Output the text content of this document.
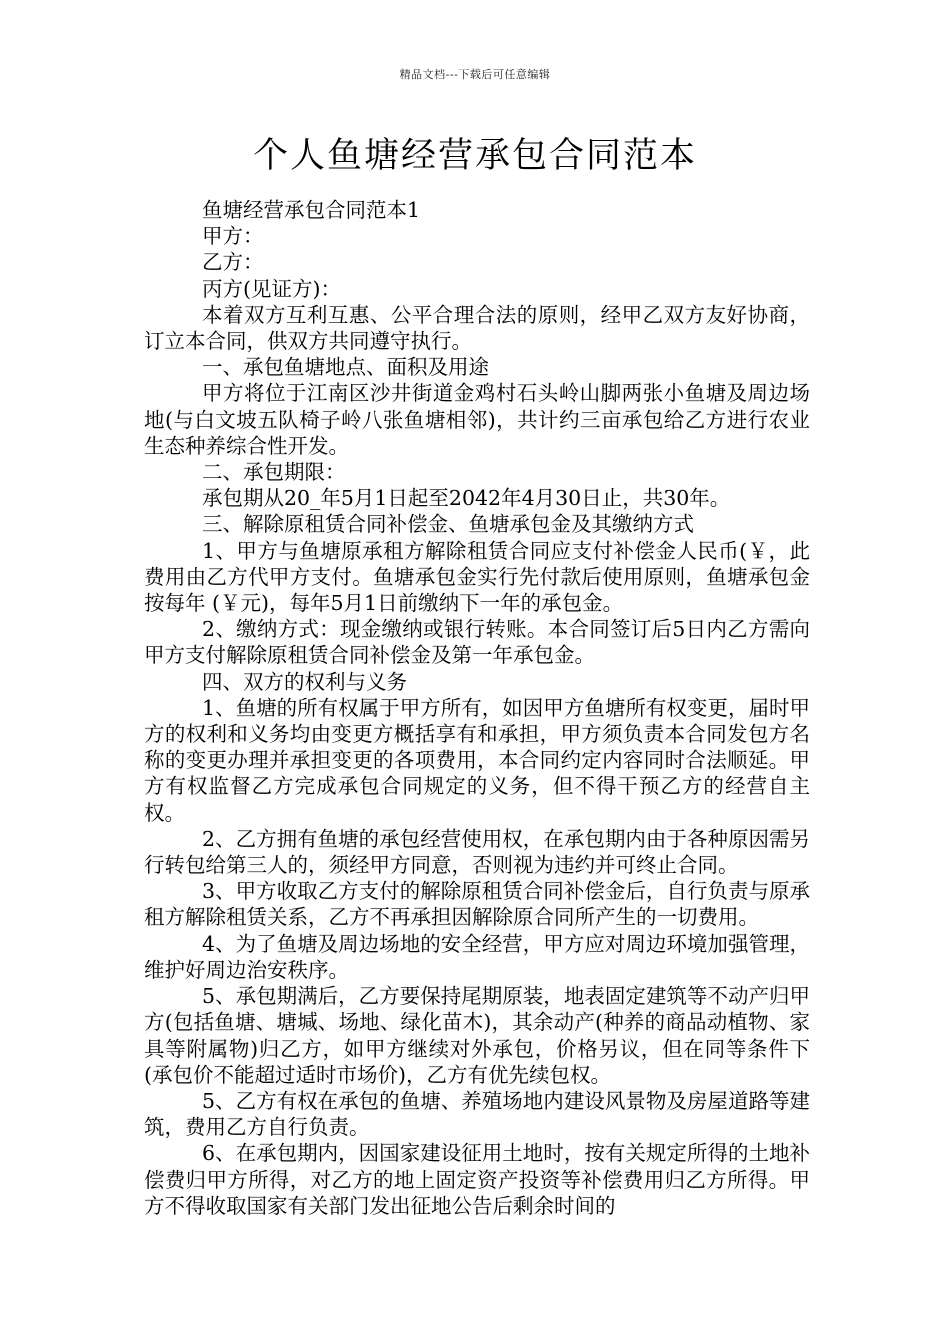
精品文档---下载后可任意编辑
个人鱼塘经营承包合同范本

鱼塘经营承包合同范本1

甲方：

乙方：

丙方(见证方)：

本着双方互利互惠、公平合理合法的原则，经甲乙双方友好协商，订立本合同，供双方共同遵守执行。

一、承包鱼塘地点、面积及用途

甲方将位于江南区沙井街道金鸡村石头岭山脚两张小鱼塘及周边场地(与白文坡五队椅子岭八张鱼塘相邻)，共计约三亩承包给乙方进行农业生态种养综合性开发。

二、承包期限：

承包期从20_年5月1日起至2042年4月30日止，共30年。

三、解除原租赁合同补偿金、鱼塘承包金及其缴纳方式

1、甲方与鱼塘原承租方解除租赁合同应支付补偿金人民币(￥，此费用由乙方代甲方支付。鱼塘承包金实行先付款后使用原则，鱼塘承包金按每年 (￥元)，每年5月1日前缴纳下一年的承包金。

2、缴纳方式：现金缴纳或银行转账。本合同签订后5日内乙方需向甲方支付解除原租赁合同补偿金及第一年承包金。

四、双方的权利与义务

1、鱼塘的所有权属于甲方所有，如因甲方鱼塘所有权变更，届时甲方的权利和义务均由变更方概括享有和承担，甲方须负责本合同发包方名称的变更办理并承担变更的各项费用，本合同约定内容同时合法顺延。甲方有权监督乙方完成承包合同规定的义务，但不得干预乙方的经营自主权。

2、乙方拥有鱼塘的承包经营使用权，在承包期内由于各种原因需另行转包给第三人的，须经甲方同意，否则视为违约并可终止合同。

3、甲方收取乙方支付的解除原租赁合同补偿金后，自行负责与原承租方解除租赁关系，乙方不再承担因解除原合同所产生的一切费用。

4、为了鱼塘及周边场地的安全经营，甲方应对周边环境加强管理，维护好周边治安秩序。

5、承包期满后，乙方要保持尾期原装，地表固定建筑等不动产归甲方(包括鱼塘、塘堿、场地、绿化苗木)，其余动产(种养的商品动植物、家具等附属物)归乙方，如甲方继续对外承包，价格另议，但在同等条件下(承包价不能超过适时市场价)，乙方有优先续包权。

5、乙方有权在承包的鱼塘、养殖场地内建设风景物及房屋道路等建筑，费用乙方自行负责。

6、在承包期内，因国家建设征用土地时，按有关规定所得的土地补偿费归甲方所得，对乙方的地上固定资产投资等补偿费用归乙方所得。甲方不得收取国家有关部门发出征地公告后剩余时间的
